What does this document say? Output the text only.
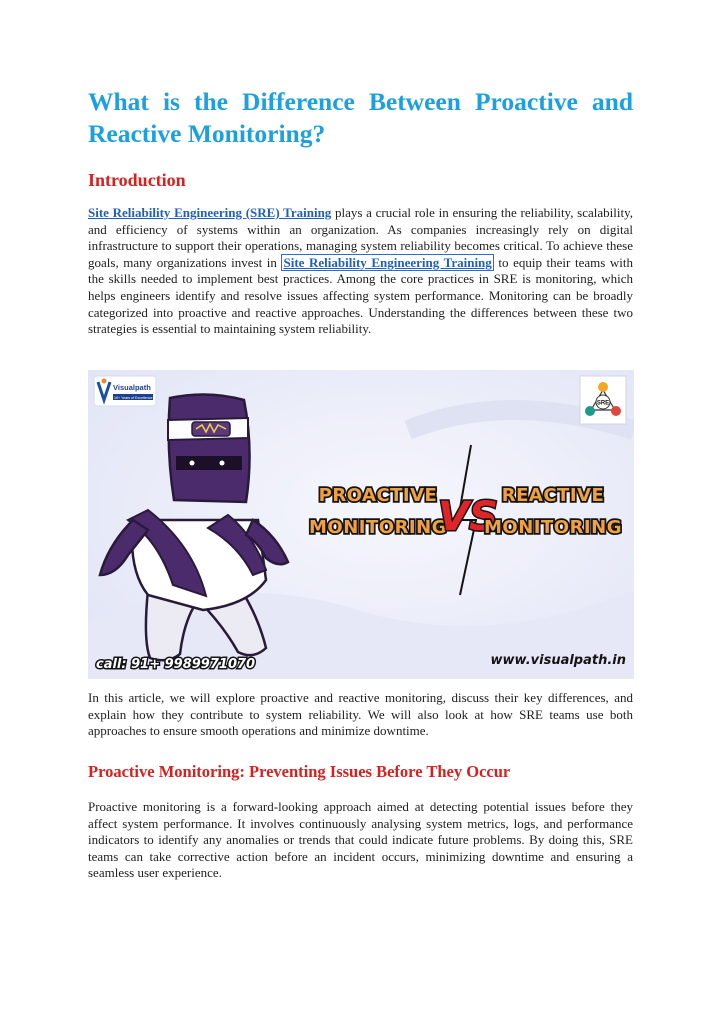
What is the Difference Between Proactive and Reactive Monitoring?
Introduction

Site Reliability Engineering (SRE) Training plays a crucial role in ensuring the reliability, scalability, and efficiency of systems within an organization. As companies increasingly rely on digital infrastructure to support their operations, managing system reliability becomes critical. To achieve these goals, many organizations invest in Site Reliability Engineering Training to equip their teams with the skills needed to implement best practices. Among the core practices in SRE is monitoring, which helps engineers identify and resolve issues affecting system performance. Monitoring can be broadly categorized into proactive and reactive approaches. Understanding the differences between these two strategies is essential to maintaining system reliability.

Visualpath
16+ Years of Excellence
SRE
PROACTIVE
MONITORING
VS REACTIVE
MONITORING
call: 91+ 9989971070	www.visualpath.in

In this article, we will explore proactive and reactive monitoring, discuss their key differences, and explain how they contribute to system reliability. We will also look at how SRE teams use both approaches to ensure smooth operations and minimize downtime.

Proactive Monitoring: Preventing Issues Before They Occur

Proactive monitoring is a forward-looking approach aimed at detecting potential issues before they affect system performance. It involves continuously analysing system metrics, logs, and performance indicators to identify any anomalies or trends that could indicate future problems. By doing this, SRE teams can take corrective action before an incident occurs, minimizing downtime and ensuring a seamless user experience.
